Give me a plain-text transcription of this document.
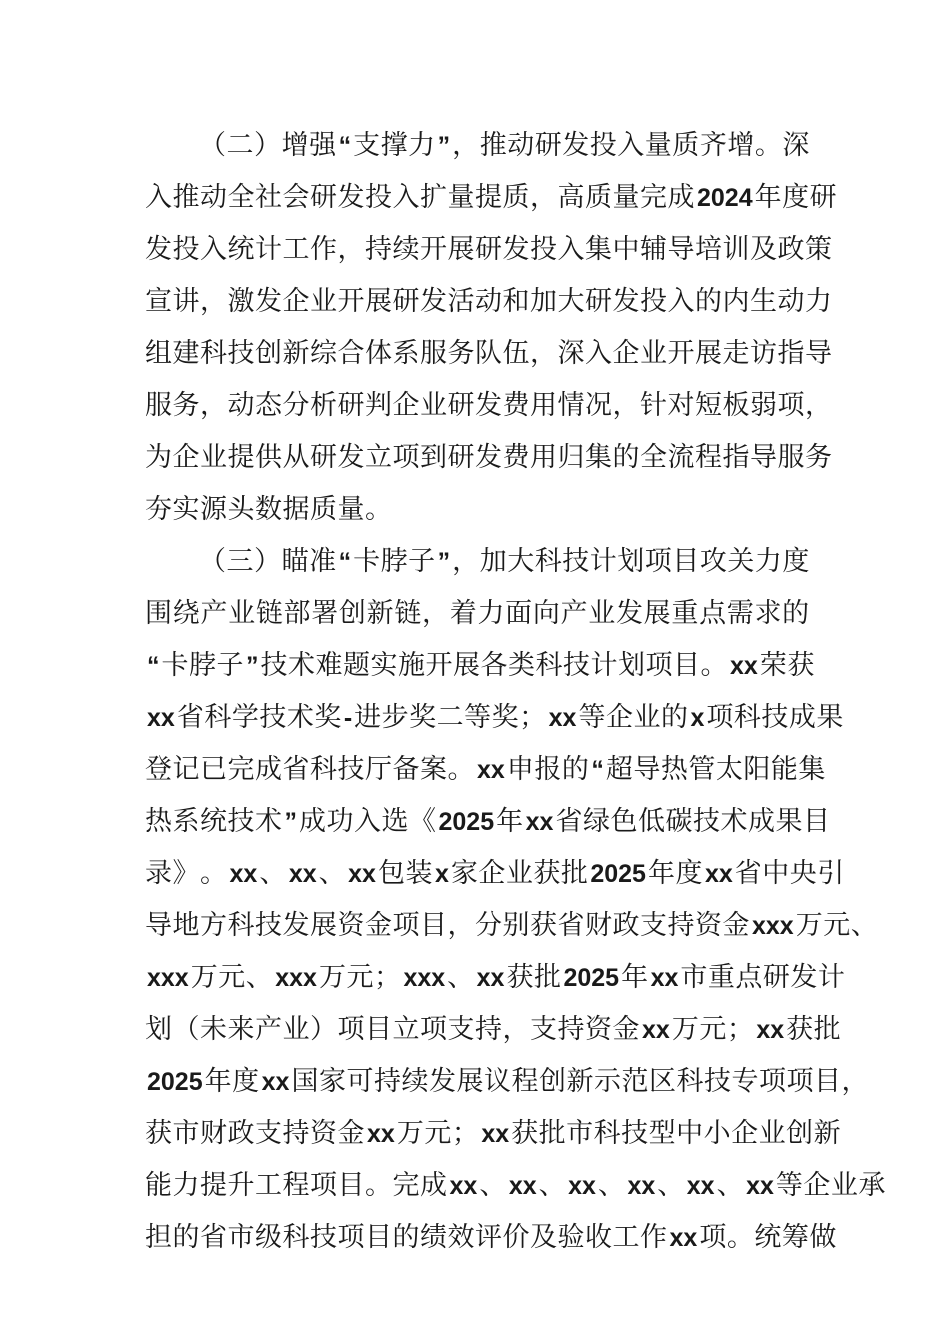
（ 二 ） 增 强 “ 支 撑 力 ” ， 推 动 研 发 投 入 量 质 齐 增 。 深
入 推 动 全 社 会 研 发 投 入 扩 量 提 质 ， 高 质 量 完 成 2024 年 度 研
发 投 入 统 计 工 作 ， 持 续 开 展 研 发 投 入 集 中 辅 导 培 训 及 政 策
宣 讲 ， 激 发 企 业 开 展 研 发 活 动 和 加 大 研 发 投 入 的 内 生 动 力
组 建 科 技 创 新 综 合 体 系 服 务 队 伍 ， 深 入 企 业 开 展 走 访 指 导
服 务 ， 动 态 分 析 研 判 企 业 研 发 费 用 情 况 ， 针 对 短 板 弱 项 ，
为 企 业 提 供 从 研 发 立 项 到 研 发 费 用 归 集 的 全 流 程 指 导 服 务
夯 实 源 头 数 据 质 量 。
（ 三 ） 瞄 准 “ 卡 脖 子 ” ， 加 大 科 技 计 划 项 目 攻 关 力 度
围 绕 产 业 链 部 署 创 新 链 ， 着 力 面 向 产 业 发 展 重 点 需 求 的
“ 卡 脖 子 ” 技 术 难 题 实 施 开 展 各 类 科 技 计 划 项 目 。 xx 荣 获
xx 省 科 学 技 术 奖 - 进 步 奖 二 等 奖 ； xx 等 企 业 的 x 项 科 技 成 果
登 记 已 完 成 省 科 技 厅 备 案 。 xx 申 报 的 “ 超 导 热 管 太 阳 能 集
热 系 统 技 术 ” 成 功 入 选 《 2025 年 xx 省 绿 色 低 碳 技 术 成 果 目
录 》 。 xx 、 xx 、 xx 包 装 x 家 企 业 获 批 2025 年 度 xx 省 中 央 引
导 地 方 科 技 发 展 资 金 项 目 ， 分 别 获 省 财 政 支 持 资 金 xxx 万 元 、
xxx 万 元 、 xxx 万 元 ； xxx 、 xx 获 批 2025 年 xx 市 重 点 研 发 计
划 （ 未 来 产 业 ） 项 目 立 项 支 持 ， 支 持 资 金 xx 万 元 ； xx 获 批
2025 年 度 xx 国 家 可 持 续 发 展 议 程 创 新 示 范 区 科 技 专 项 项 目 ，
获 市 财 政 支 持 资 金 xx 万 元 ； xx 获 批 市 科 技 型 中 小 企 业 创 新
能 力 提 升 工 程 项 目 。 完 成 xx 、 xx 、 xx 、 xx 、 xx 、 xx 等 企 业 承
担 的 省 市 级 科 技 项 目 的 绩 效 评 价 及 验 收 工 作 xx 项 。 统 筹 做
